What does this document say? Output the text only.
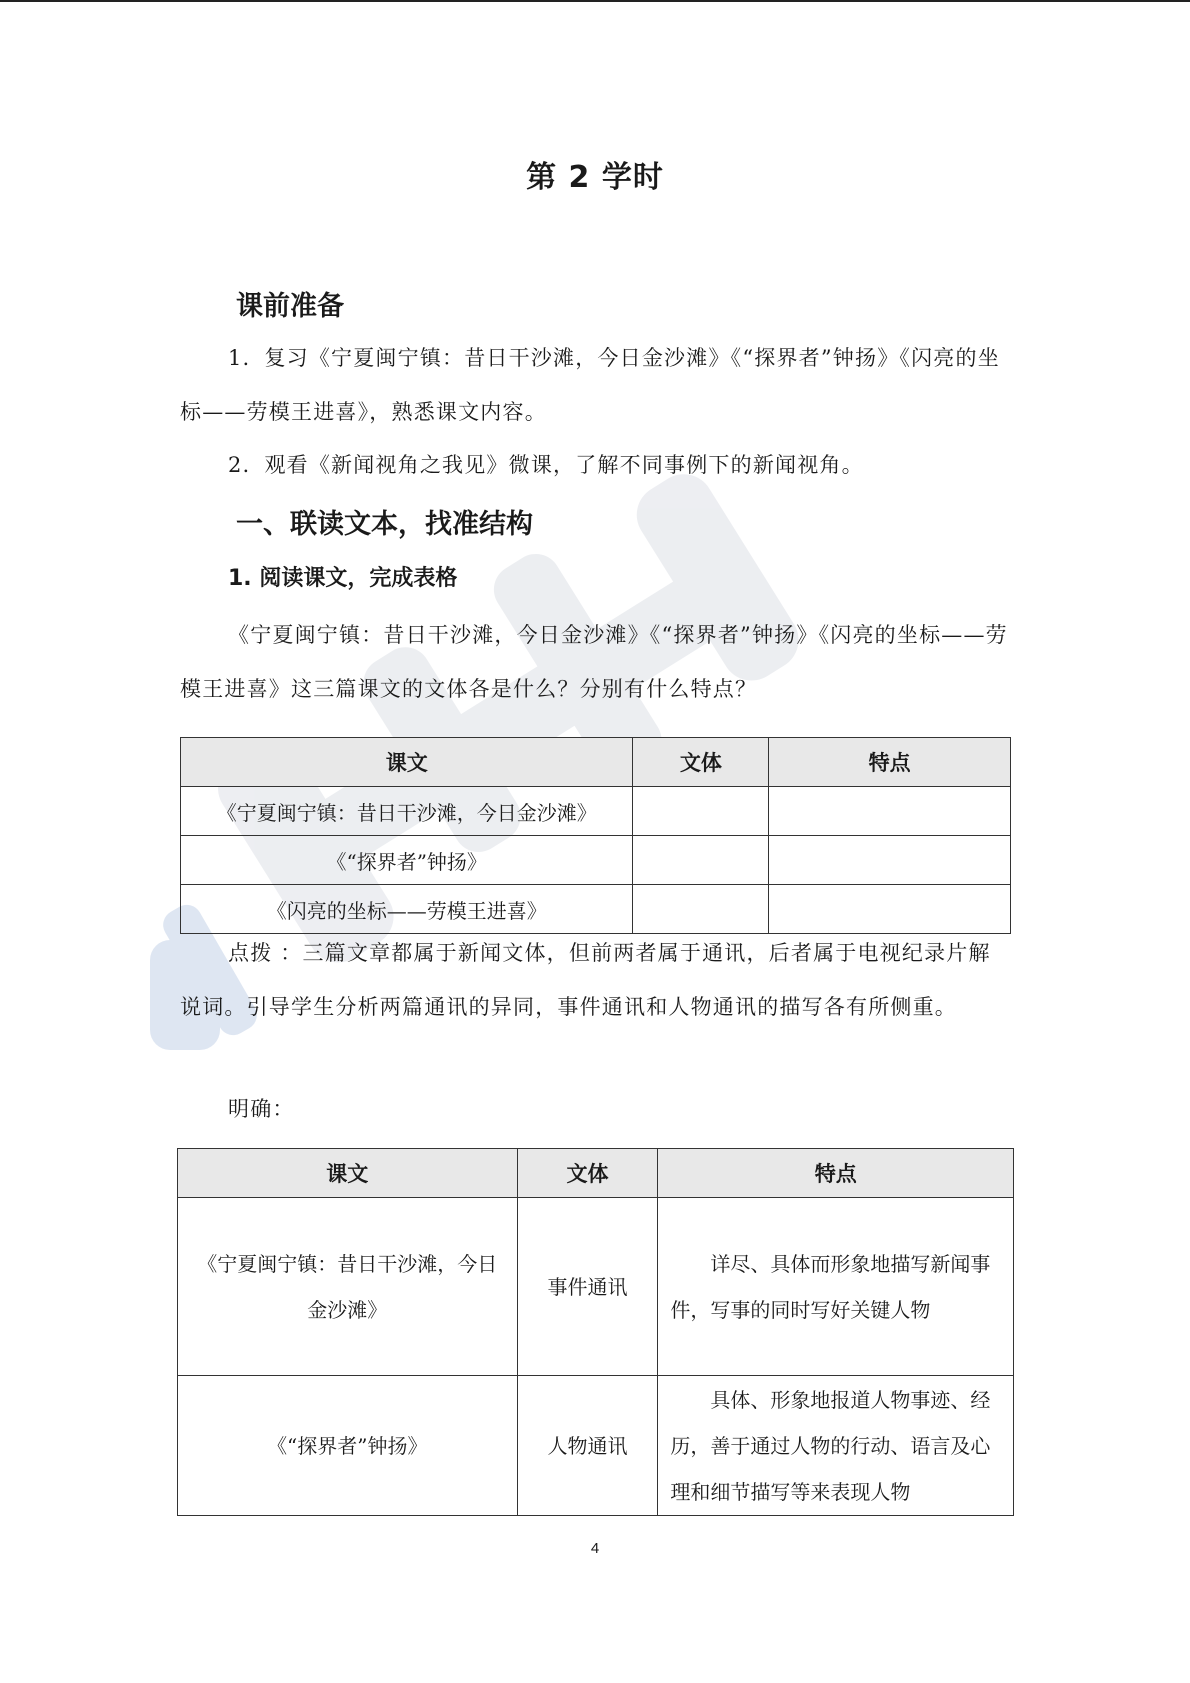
第 2 学时
课前准备
1. 复习《宁夏闽宁镇：昔日干沙滩，今日金沙滩》《“探界者”钟扬》《闪亮的坐标——劳模王进喜》，熟悉课文内容。
2. 观看《新闻视角之我见》微课，了解不同事例下的新闻视角。
一、联读文本，找准结构
1. 阅读课文，完成表格
《宁夏闽宁镇：昔日干沙滩，今日金沙滩》《“探界者”钟扬》《闪亮的坐标——劳模王进喜》这三篇课文的文体各是什么？分别有什么特点？
课文	文体	特点
《宁夏闽宁镇：昔日干沙滩，今日金沙滩》		
《“探界者”钟扬》		
《闪亮的坐标——劳模王进喜》		
点拨 ：三篇文章都属于新闻文体，但前两者属于通讯，后者属于电视纪录片解说词。引导学生分析两篇通讯的异同，事件通讯和人物通讯的描写各有所侧重。
明确：
课文	文体	特点
《宁夏闽宁镇：昔日干沙滩，今日金沙滩》	事件通讯	详尽、具体而形象地描写新闻事件，写事的同时写好关键人物
《“探界者”钟扬》	人物通讯	具体、形象地报道人物事迹、经历，善于通过人物的行动、语言及心理和细节描写等来表现人物
4
